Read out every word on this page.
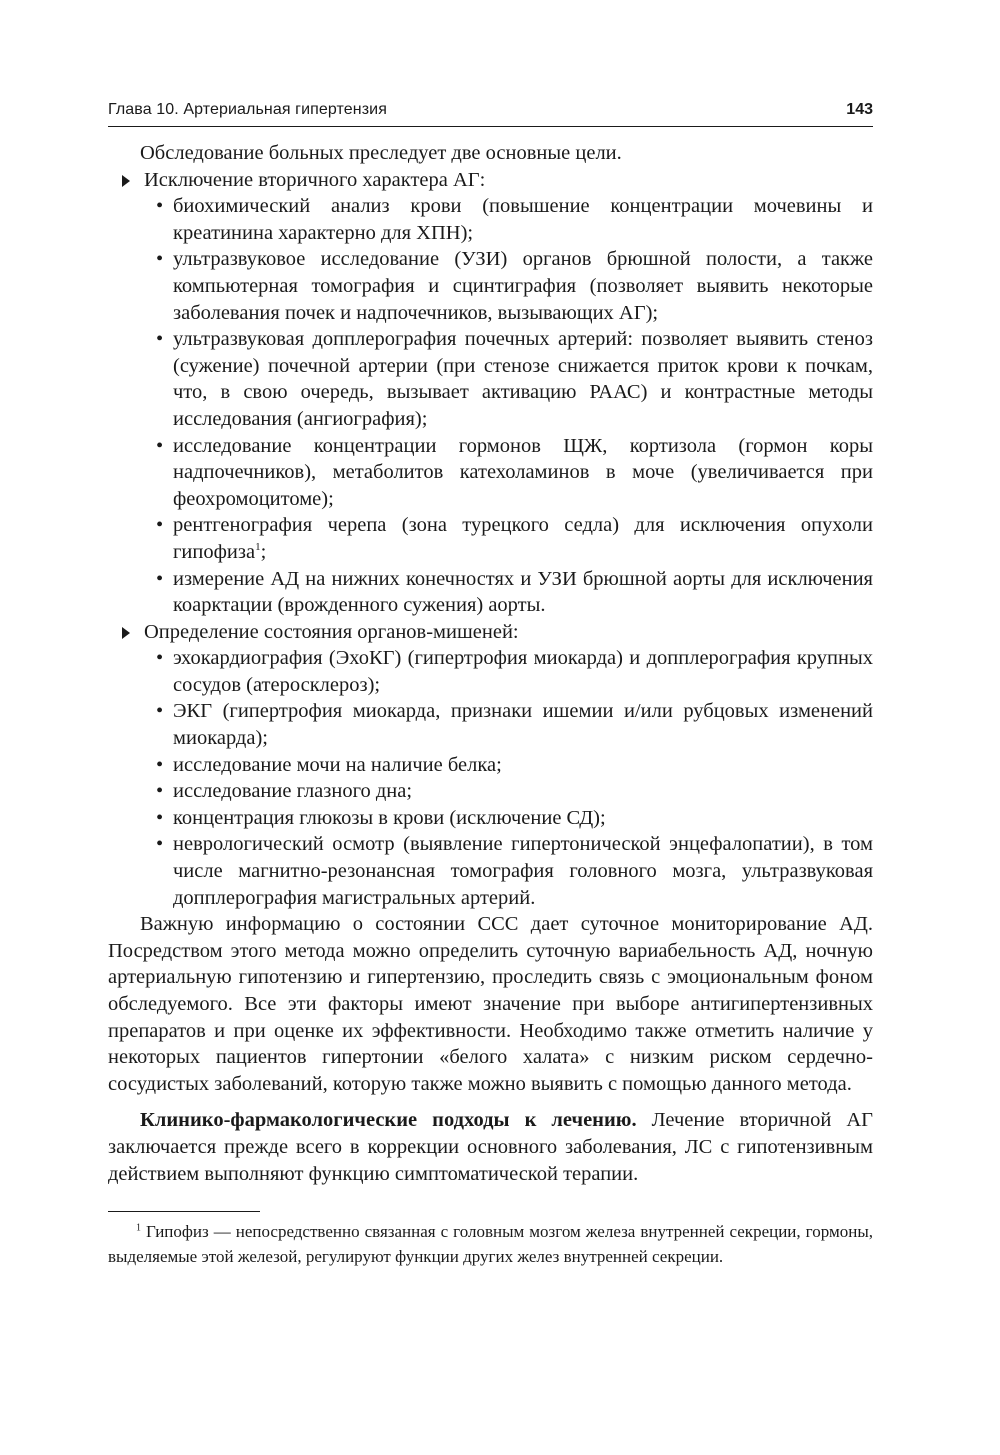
Глава 10. Артериальная гипертензия	143

Обследование больных преследует две основные цели.

Исключение вторичного характера АГ:

• биохимический анализ крови (повышение концентрации мочевины и креатинина характерно для ХПН);
• ультразвуковое исследование (УЗИ) органов брюшной полости, а также компьютерная томография и сцинтиграфия (позволяет выявить некоторые заболевания почек и надпочечников, вызывающих АГ);
• ультразвуковая допплерография почечных артерий: позволяет выявить стеноз (сужение) почечной артерии (при стенозе снижается приток крови к почкам, что, в свою очередь, вызывает активацию РААС) и контрастные методы исследования (ангиография);
• исследование концентрации гормонов ЩЖ, кортизола (гормон коры надпочечников), метаболитов катехоламинов в моче (увеличивается при феохромоцитоме);
• рентгенография черепа (зона турецкого седла) для исключения опухоли гипофиза$^1$;
• измерение АД на нижних конечностях и УЗИ брюшной аорты для исключения коарктации (врожденного сужения) аорты.

Определение состояния органов-мишеней:

• эхокардиография (ЭхоКГ) (гипертрофия миокарда) и допплерография крупных сосудов (атеросклероз);
• ЭКГ (гипертрофия миокарда, признаки ишемии и/или рубцовых изменений миокарда);
• исследование мочи на наличие белка;
• исследование глазного дна;
• концентрация глюкозы в крови (исключение СД);
• неврологический осмотр (выявление гипертонической энцефалопатии), в том числе магнитно-резонансная томография головного мозга, ультразвуковая допплерография магистральных артерий.

Важную информацию о состоянии ССС дает суточное мониторирование АД. Посредством этого метода можно определить суточную вариабельность АД, ночную артериальную гипотензию и гипертензию, проследить связь с эмоциональным фоном обследуемого. Все эти факторы имеют значение при выборе антигипертензивных препаратов и при оценке их эффективности. Необходимо также отметить наличие у некоторых пациентов гипертонии «белого халата» с низким риском сердечно-сосудистых заболеваний, которую также можно выявить с помощью данного метода.

Клинико-фармакологические подходы к лечению. Лечение вторичной АГ заключается прежде всего в коррекции основного заболевания, ЛС с гипотензивным действием выполняют функцию симптоматической терапии.

$^1$ Гипофиз — непосредственно связанная с головным мозгом железа внутренней секреции, гормоны, выделяемые этой железой, регулируют функции других желез внутренней секреции.
